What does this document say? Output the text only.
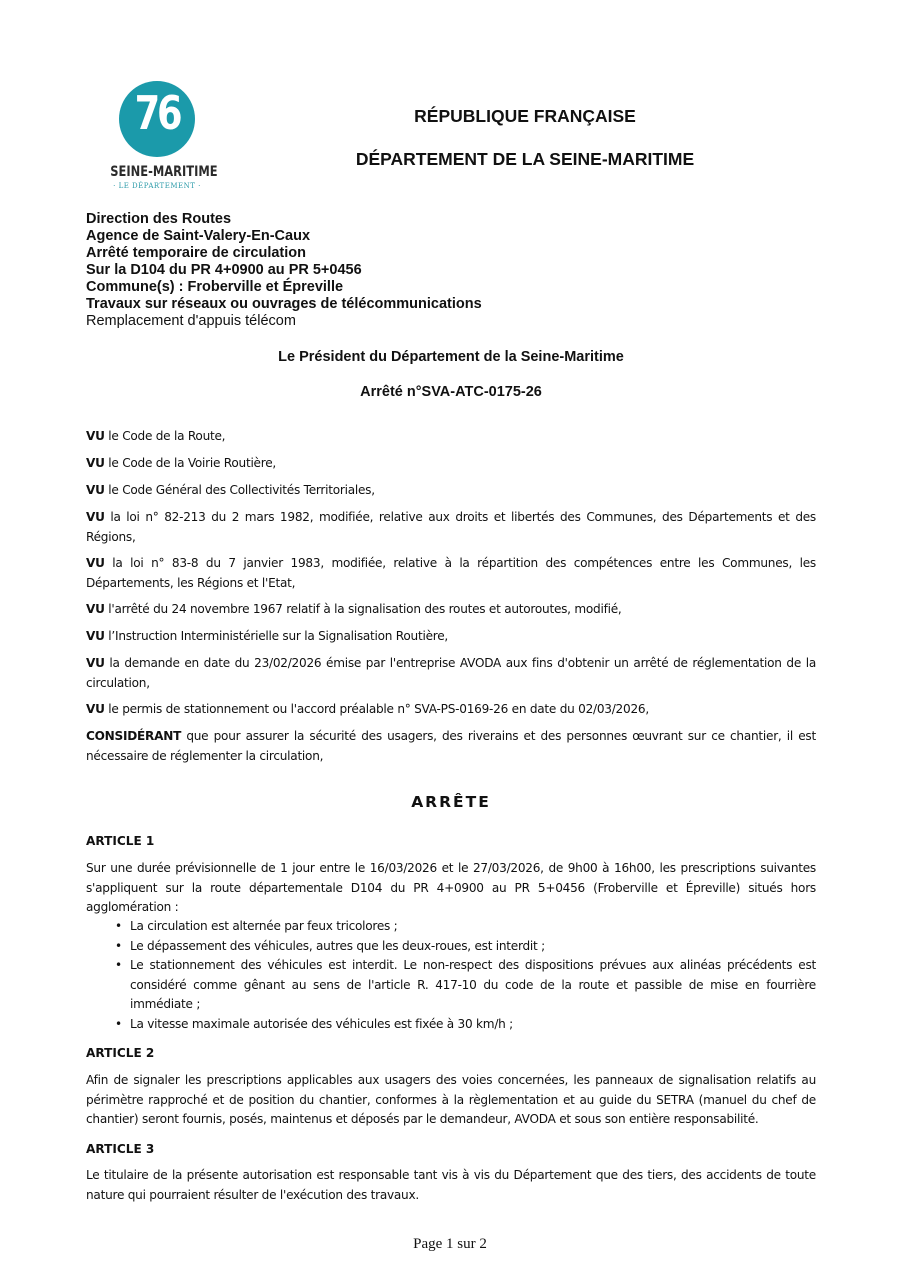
76
SEINE-MARITIME
· LE DÉPARTEMENT ·
RÉPUBLIQUE FRANÇAISE
DÉPARTEMENT DE LA SEINE-MARITIME
Direction des Routes
Agence de Saint-Valery-En-Caux
Arrêté temporaire de circulation
Sur la D104 du PR 4+0900 au PR 5+0456
Commune(s) : Froberville et Épreville
Travaux sur réseaux ou ouvrages de télécommunications
Remplacement d'appuis télécom
Le Président du Département de la Seine-Maritime
Arrêté n°SVA-ATC-0175-26

VU le Code de la Route,

VU le Code de la Voirie Routière,

VU le Code Général des Collectivités Territoriales,

VU la loi n° 82-213 du 2 mars 1982, modifiée, relative aux droits et libertés des Communes, des Départements et des Régions,

VU la loi n° 83-8 du 7 janvier 1983, modifiée, relative à la répartition des compétences entre les Communes, les Départements, les Régions et l'Etat,

VU l'arrêté du 24 novembre 1967 relatif à la signalisation des routes et autoroutes, modifié,

VU l’Instruction Interministérielle sur la Signalisation Routière,

VU la demande en date du 23/02/2026 émise par l'entreprise AVODA aux fins d'obtenir un arrêté de réglementation de la circulation,

VU le permis de stationnement ou l'accord préalable n° SVA-PS-0169-26 en date du 02/03/2026,

CONSIDÉRANT que pour assurer la sécurité des usagers, des riverains et des personnes œuvrant sur ce chantier, il est nécessaire de réglementer la circulation,

ARRÊTE
ARTICLE 1

Sur une durée prévisionnelle de 1 jour entre le 16/03/2026 et le 27/03/2026, de 9h00 à 16h00, les prescriptions suivantes s'appliquent sur la route départementale D104 du PR 4+0900 au PR 5+0456 (Froberville et Épreville) situés hors agglomération :

• La circulation est alternée par feux tricolores ;
• Le dépassement des véhicules, autres que les deux-roues, est interdit ;
• Le stationnement des véhicules est interdit. Le non-respect des dispositions prévues aux alinéas précédents est considéré comme gênant au sens de l'article R. 417-10 du code de la route et passible de mise en fourrière immédiate ;
• La vitesse maximale autorisée des véhicules est fixée à 30 km/h ;
ARTICLE 2

Afin de signaler les prescriptions applicables aux usagers des voies concernées, les panneaux de signalisation relatifs au périmètre rapproché et de position du chantier, conformes à la règlementation et au guide du SETRA (manuel du chef de chantier) seront fournis, posés, maintenus et déposés par le demandeur, AVODA et sous son entière responsabilité.

ARTICLE 3

Le titulaire de la présente autorisation est responsable tant vis à vis du Département que des tiers, des accidents de toute nature qui pourraient résulter de l'exécution des travaux.

Page 1 sur 2
